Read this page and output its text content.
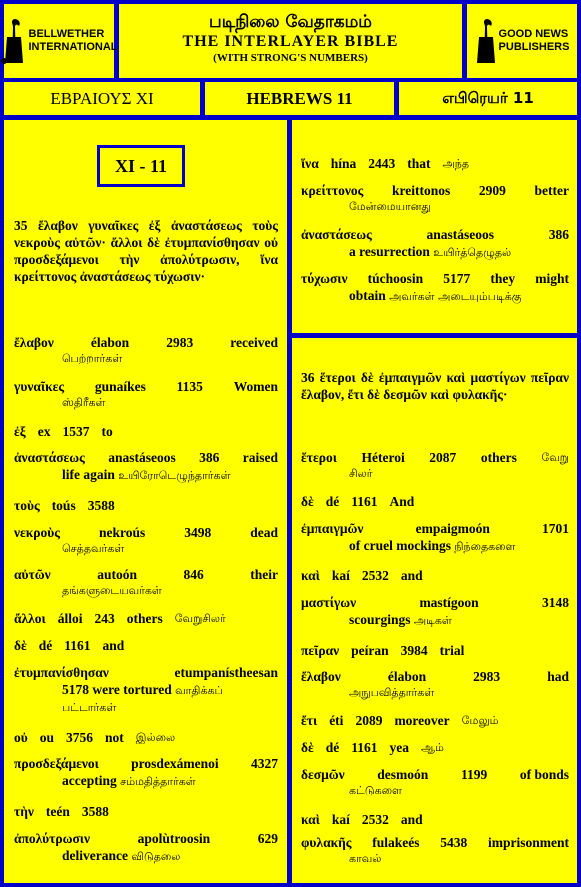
BELLWETHER
INTERNATIONAL
படிநிலை வேதாகமம்
THE INTERLAYER BIBLE
(WITH STRONG'S NUMBERS)
GOOD NEWS
PUBLISHERS
ΕΒΡΑΙΟΥΣ XI	HEBREWS 11	எபிரெயர் 11
XI - 11
35 ἔλαβον γυναῖκες ἐξ ἀναστάσεως τοὺς νεκροὺς αὐτῶν· ἄλλοι δὲ ἐτυμπανίσθησαν οὐ προσδεξάμενοι τὴν ἀπολύτρωσιν, ἵνα κρείττονος ἀναστάσεως τύχωσιν·
ἔλαβον	élabon	2983	received
பெற்றார்கள்
γυναῖκες gunaíkes 1135 Women
ஸ்திரீகள்
ἐξ ex 1537 to
ἀναστάσεως anastáseoos 386 raised
life again உயிரோடெழுந்தார்கள்
τοὺς toús 3588
νεκροὺς	nekroús	3498	dead
செத்தவர்கள்
αὐτῶν	autoón	846	their
தங்களுடையவர்கள்
ἄλλοι álloi 243 others வேறுசிலர்
δὲ dé 1161 and
ἐτυμπανίσθησαν	etumpanístheesan
5178 were tortured வாதிக்கப்
பட்டார்கள்
οὐ ou 3756 not இல்லை
προσδεξάμενοι prosdexámenoi 4327
accepting சம்மதித்தார்கள்
τὴν teén 3588
ἀπολύτρωσιν	apolùtroosin	629
deliverance விடுதலை
ἵνα hína 2443 that அந்த
κρείττονος kreittonos 2909 better
மேன்மையானது
ἀναστάσεως	anastáseoos	386
a resurrection உயிர்த்தெழுதல்
τύχωσιν túchoosin 5177 they might
obtain அவர்கள் அடையும்படிக்கு
36 ἕτεροι δὲ ἐμπαιγμῶν καὶ μαστίγων πεῖραν ἔλαβον, ἔτι δὲ δεσμῶν καὶ φυλακῆς·
ἕτεροι Héteroi 2087 others வேறு
சிலர்
δὲ dé 1161 And
ἐμπαιγμῶν	empaigmoón	1701
of cruel mockings நிந்தைகளை
καὶ kaí 2532 and
μαστίγων	mastígoon	3148
scourgings அடிகள்
πεῖραν peíran 3984 trial
ἔλαβον	élabon	2983	had
அநுபவித்தார்கள்
ἔτι éti 2089 moreover மேலும்
δὲ dé 1161 yea ஆம்
δεσμῶν desmoón 1199 of bonds
கட்டுகளை
καὶ kaí 2532 and
φυλακῆς fulakeés 5438 imprisonment
காவல்
